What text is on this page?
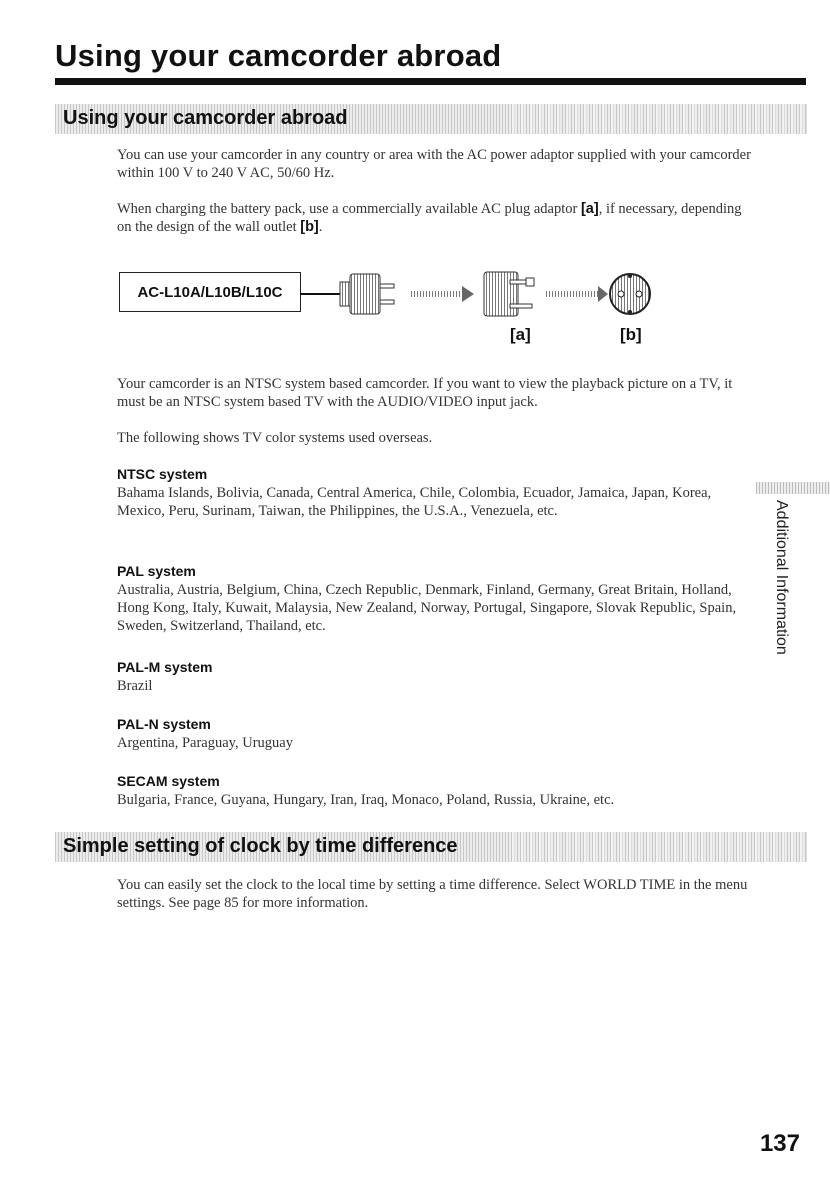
Using your camcorder abroad
Using your camcorder abroad

You can use your camcorder in any country or area with the AC power adaptor supplied with your camcorder within 100 V to 240 V AC, 50/60 Hz.

When charging the battery pack, use a commercially available AC plug adaptor [a], if necessary, depending on the design of the wall outlet [b].

AC-L10A/L10B/L10C
[a]	[b]

Your camcorder is an NTSC system based camcorder. If you want to view the playback picture on a TV, it must be an NTSC system based TV with the AUDIO/VIDEO input jack.

The following shows TV color systems used overseas.

NTSC system

Bahama Islands, Bolivia, Canada, Central America, Chile, Colombia, Ecuador, Jamaica, Japan, Korea, Mexico, Peru, Surinam, Taiwan, the Philippines, the U.S.A., Venezuela, etc.

PAL system

Australia, Austria, Belgium, China, Czech Republic, Denmark, Finland, Germany, Great Britain, Holland, Hong Kong, Italy, Kuwait, Malaysia, New Zealand, Norway, Portugal, Singapore, Slovak Republic, Spain, Sweden, Switzerland, Thailand, etc.

PAL-M system

Brazil

PAL-N system

Argentina, Paraguay, Uruguay

SECAM system

Bulgaria, France, Guyana, Hungary, Iran, Iraq, Monaco, Poland, Russia, Ukraine, etc.

Simple setting of clock by time difference

You can easily set the clock to the local time by setting a time difference. Select WORLD TIME in the menu settings. See page 85 for more information.

Additional Information
137
